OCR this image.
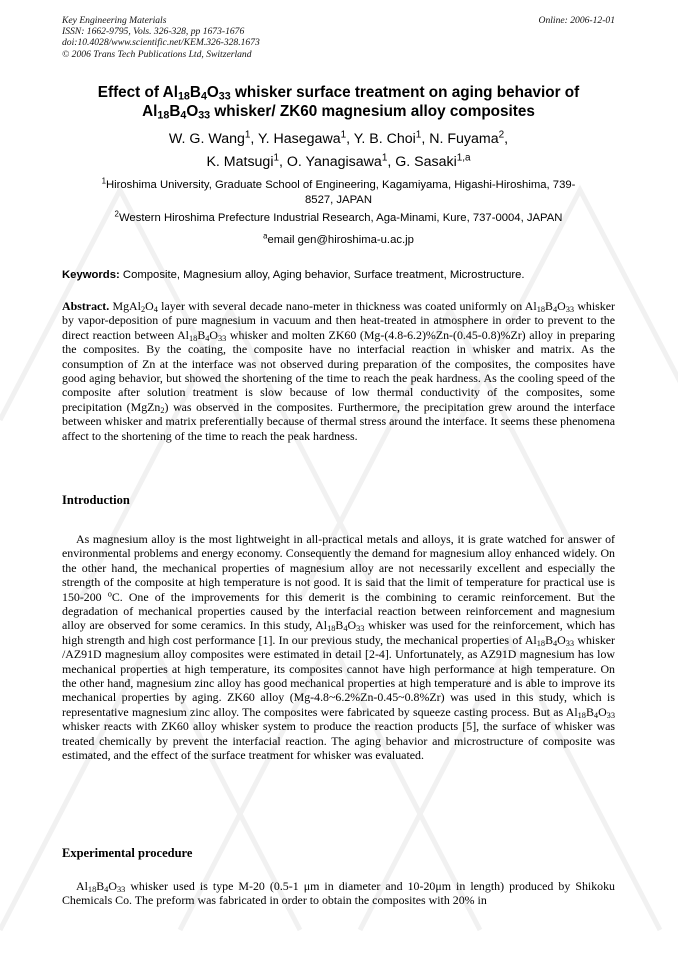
Key Engineering Materials
ISSN: 1662-9795, Vols. 326-328, pp 1673-1676
doi:10.4028/www.scientific.net/KEM.326-328.1673
© 2006 Trans Tech Publications Ltd, Switzerland
Online: 2006-12-01
Effect of $Al_{18}B_4O_{33}$ whisker surface treatment on aging behavior of
$Al_{18}B_4O_{33}$ whisker/ ZK60 magnesium alloy composites
W. G. Wang$^1$, Y. Hasegawa$^1$, Y. B. Choi$^1$, N. Fuyama$^2$,
K. Matsugi$^1$, O. Yanagisawa$^1$, G. Sasaki$^{1,a}$
$^1$Hiroshima University, Graduate School of Engineering, Kagamiyama, Higashi-Hiroshima, 739-
8527, JAPAN
$^2$Western Hiroshima Prefecture Industrial Research, Aga-Minami, Kure, 737-0004, JAPAN
$^a$email gen@hiroshima-u.ac.jp
Keywords: Composite, Magnesium alloy, Aging behavior, Surface treatment, Microstructure.
Abstract. $MgAl_2O_4$ layer with several decade nano-meter in thickness was coated uniformly on $Al_{18}B_4O_{33}$ whisker by vapor-deposition of pure magnesium in vacuum and then heat-treated in atmosphere in order to prevent to the direct reaction between $Al_{18}B_4O_{33}$ whisker and molten ZK60 (Mg-(4.8-6.2)%Zn-(0.45-0.8)%Zr) alloy in preparing the composites. By the coating, the composite have no interfacial reaction in whisker and matrix. As the consumption of Zn at the interface was not observed during preparation of the composites, the composites have good aging behavior, but showed the shortening of the time to reach the peak hardness. As the cooling speed of the composite after solution treatment is slow because of low thermal conductivity of the composites, some precipitation (MgZn$_2$) was observed in the composites. Furthermore, the precipitation grew around the interface between whisker and matrix preferentially because of thermal stress around the interface. It seems these phenomena affect to the shortening of the time to reach the peak hardness.
Introduction
As magnesium alloy is the most lightweight in all-practical metals and alloys, it is grate watched for answer of environmental problems and energy economy. Consequently the demand for magnesium alloy enhanced widely. On the other hand, the mechanical properties of magnesium alloy are not necessarily excellent and especially the strength of the composite at high temperature is not good. It is said that the limit of temperature for practical use is 150-200 $^o$C. One of the improvements for this demerit is the combining to ceramic reinforcement. But the degradation of mechanical properties caused by the interfacial reaction between reinforcement and magnesium alloy are observed for some ceramics. In this study, $Al_{18}B_4O_{33}$ whisker was used for the reinforcement, which has high strength and high cost performance [1]. In our previous study, the mechanical properties of $Al_{18}B_4O_{33}$ whisker /AZ91D magnesium alloy composites were estimated in detail [2-4]. Unfortunately, as AZ91D magnesium has low mechanical properties at high temperature, its composites cannot have high performance at high temperature. On the other hand, magnesium zinc alloy has good mechanical properties at high temperature and is able to improve its mechanical properties by aging. ZK60 alloy (Mg-4.8~6.2%Zn-0.45~0.8%Zr) was used in this study, which is representative magnesium zinc alloy. The composites were fabricated by squeeze casting process. But as $Al_{18}B_4O_{33}$ whisker reacts with ZK60 alloy whisker system to produce the reaction products [5], the surface of whisker was treated chemically by prevent the interfacial reaction. The aging behavior and microstructure of composite was estimated, and the effect of the surface treatment for whisker was evaluated.
Experimental procedure
$Al_{18}B_4O_{33}$ whisker used is type M-20 (0.5-1 μm in diameter and 10-20μm in length) produced by Shikoku Chemicals Co. The preform was fabricated in order to obtain the composites with 20% in
